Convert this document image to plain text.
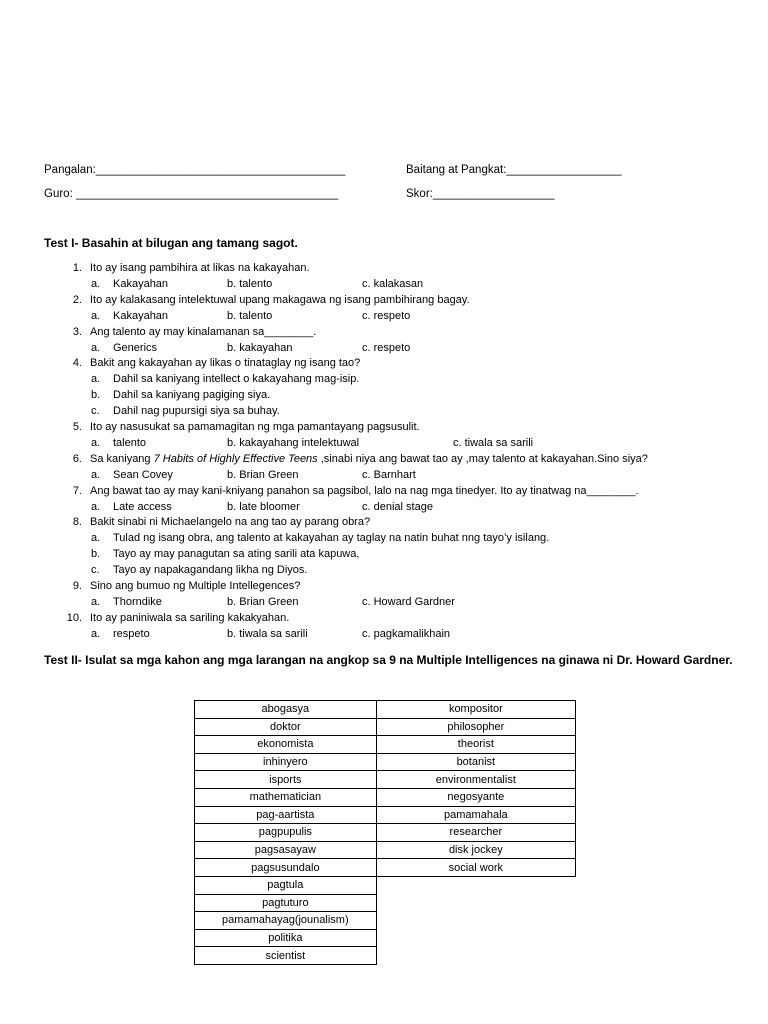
Pangalan:_______________________________________	Baitang at Pangkat:__________________
Guro: _________________________________________	Skor:___________________
Test I- Basahin at bilugan ang tamang sagot.
1. Ito ay isang pambihira at likas na kakayahan.
a. Kakayahan	b. talento	c. kalakasan
2. Ito ay kalakasang intelektuwal upang makagawa ng isang pambihirang bagay.
a. Kakayahan	b. talento	c. respeto
3. Ang talento ay may kinalamanan sa________.
a. Generics	b. kakayahan	c. respeto
4. Bakit ang kakayahan ay likas o tinataglay ng isang tao?
a. Dahil sa kaniyang intellect o kakayahang mag-isip.
b. Dahil sa kaniyang pagiging siya.
c. Dahil nag pupursigi siya sa buhay.
5. Ito ay nasusukat sa pamamagitan ng mga pamantayang pagsusulit.
a. talento	b. kakayahang intelektuwal	c. tiwala sa sarili
6. Sa kaniyang 7 Habits of Highly Effective Teens ,sinabi niya ang bawat tao ay ,may talento at kakayahan.Sino siya?
a. Sean Covey	b. Brian Green	c. Barnhart
7. Ang bawat tao ay may kani-kniyang panahon sa pagsibol, lalo na nag mga tinedyer. Ito ay tinatwag na________.
a. Late access	b. late bloomer	c. denial stage
8. Bakit sinabi ni Michaelangelo na ang tao ay parang obra?
a. Tulad ng isang obra, ang talento at kakayahan ay taglay na natin buhat nng tayo’y isilang.
b. Tayo ay may panagutan sa ating sarili ata kapuwa,
c. Tayo ay napakagandang likha ng Diyos.
9. Sino ang bumuo ng Multiple Intellegences?
a. Thorndike	b. Brian Green	c. Howard Gardner
10. Ito ay paniniwala sa sariling kakakyahan.
a. respeto	b. tiwala sa sarili	c. pagkamalikhain
Test II- Isulat sa mga kahon ang mga larangan na angkop sa 9 na Multiple Intelligences na ginawa ni Dr. Howard Gardner.
abogasya	kompositor
doktor	philosopher
ekonomista	theorist
inhinyero	botanist
isports	environmentalist
mathematician	negosyante
pag-aartista	pamamahala
pagpupulis	researcher
pagsasayaw	disk jockey
pagsusundalo	social work
pagtula	
pagtuturo	
pamamahayag(jounalism)	
politika	
scientist	
